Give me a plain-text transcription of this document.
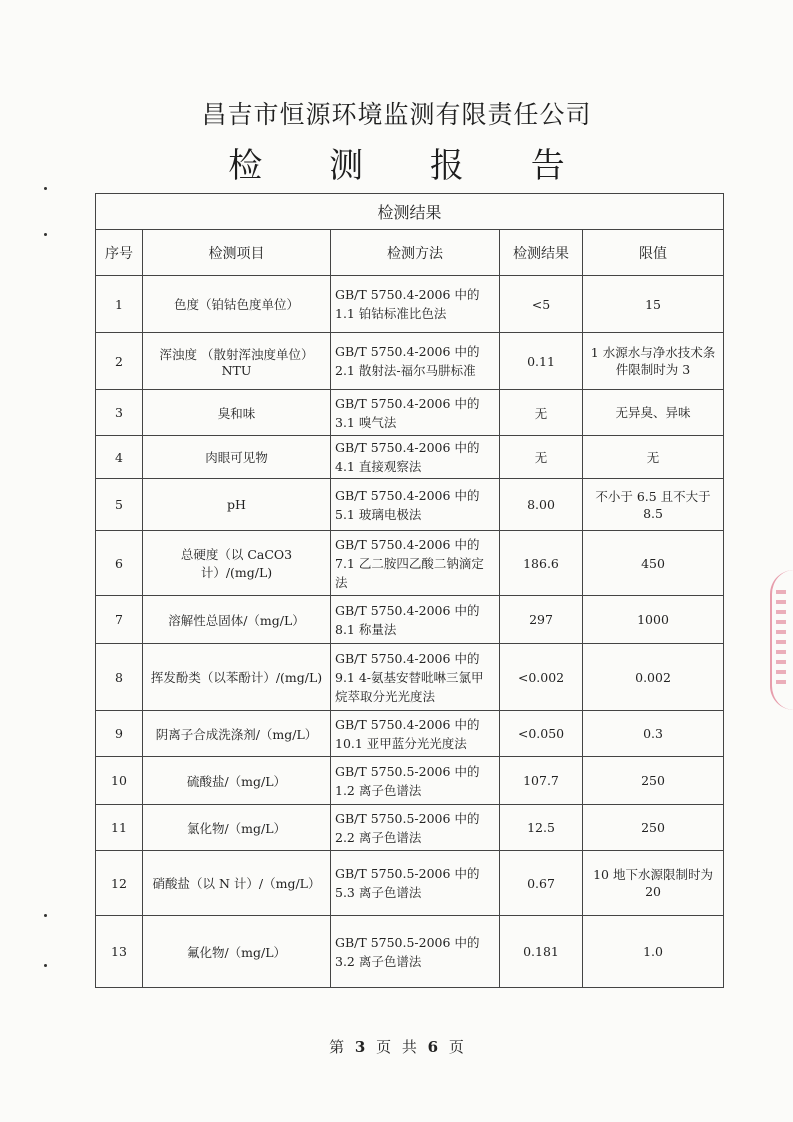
昌吉市恒源环境监测有限责任公司
检 测 报 告
检测结果				
序号	检测项目	检测方法	检测结果	限值
1	色度（铂钴色度单位）	GB/T 5750.4-2006 中的 1.1 铂钴标准比色法	<5	15
2	浑浊度 （散射浑浊度单位）NTU	GB/T 5750.4-2006 中的 2.1 散射法-福尔马肼标准	0.11	1 水源水与净水技术条件限制时为 3
3	臭和味	GB/T 5750.4-2006 中的 3.1 嗅气法	无	无异臭、异味
4	肉眼可见物	GB/T 5750.4-2006 中的 4.1 直接观察法	无	无
5	pH	GB/T 5750.4-2006 中的 5.1 玻璃电极法	8.00	不小于 6.5 且不大于 8.5
6	总硬度（以 CaCO3计）/(mg/L)	GB/T 5750.4-2006 中的 7.1 乙二胺四乙酸二钠滴定法	186.6	450
7	溶解性总固体/（mg/L）	GB/T 5750.4-2006 中的 8.1 称量法	297	1000
8	挥发酚类（以苯酚计）/(mg/L)	GB/T 5750.4-2006 中的 9.1 4-氨基安替吡啉三氯甲烷萃取分光光度法	<0.002	0.002
9	阴离子合成洗涤剂/（mg/L）	GB/T 5750.4-2006 中的 10.1 亚甲蓝分光光度法	<0.050	0.3
10	硫酸盐/（mg/L）	GB/T 5750.5-2006 中的 1.2 离子色谱法	107.7	250
11	氯化物/（mg/L）	GB/T 5750.5-2006 中的 2.2 离子色谱法	12.5	250
12	硝酸盐（以 N 计）/（mg/L）	GB/T 5750.5-2006 中的 5.3 离子色谱法	0.67	10 地下水源限制时为 20
13	氟化物/（mg/L）	GB/T 5750.5-2006 中的 3.2 离子色谱法	0.181	1.0
第 3 页 共 6 页
